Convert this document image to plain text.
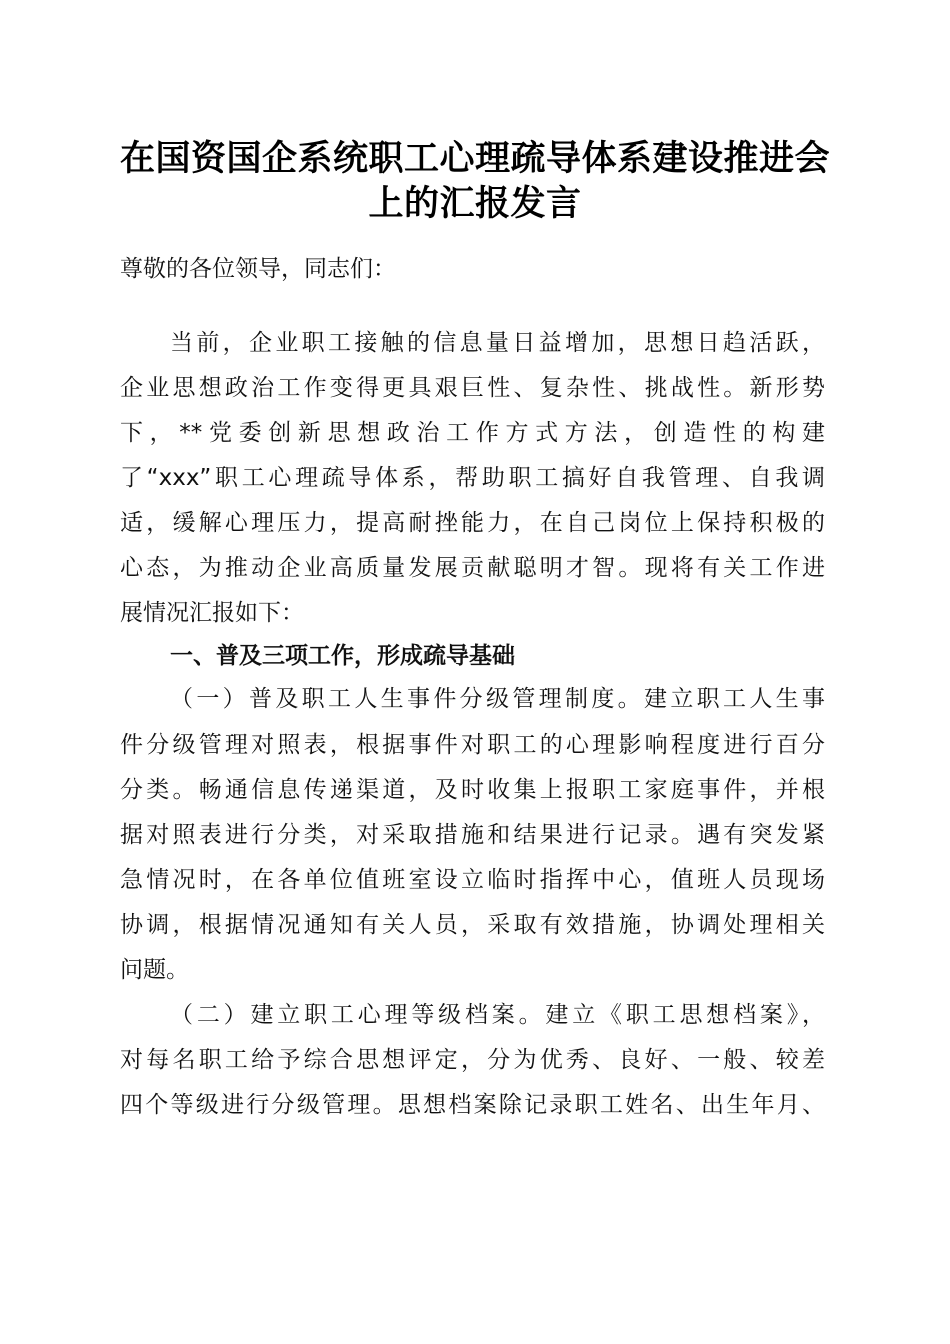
在国资国企系统职工心理疏导体系建设推进会
上的汇报发言
尊敬的各位领导，同志们：
当前，企业职工接触的信息量日益增加，思想日趋活跃，
企业思想政治工作变得更具艰巨性、复杂性、挑战性。新形势
下，**党委创新思想政治工作方式方法，创造性的构建
了“xxx”职工心理疏导体系，帮助职工搞好自我管理、自我调
适，缓解心理压力，提高耐挫能力，在自己岗位上保持积极的
心态，为推动企业高质量发展贡献聪明才智。现将有关工作进
展情况汇报如下：
一、普及三项工作，形成疏导基础
（一）普及职工人生事件分级管理制度。建立职工人生事
件分级管理对照表，根据事件对职工的心理影响程度进行百分
分类。畅通信息传递渠道，及时收集上报职工家庭事件，并根
据对照表进行分类，对采取措施和结果进行记录。遇有突发紧
急情况时，在各单位值班室设立临时指挥中心，值班人员现场
协调，根据情况通知有关人员，采取有效措施，协调处理相关
问题。
（二）建立职工心理等级档案。建立《职工思想档案》，
对每名职工给予综合思想评定，分为优秀、良好、一般、较差
四个等级进行分级管理。思想档案除记录职工姓名、出生年月、
